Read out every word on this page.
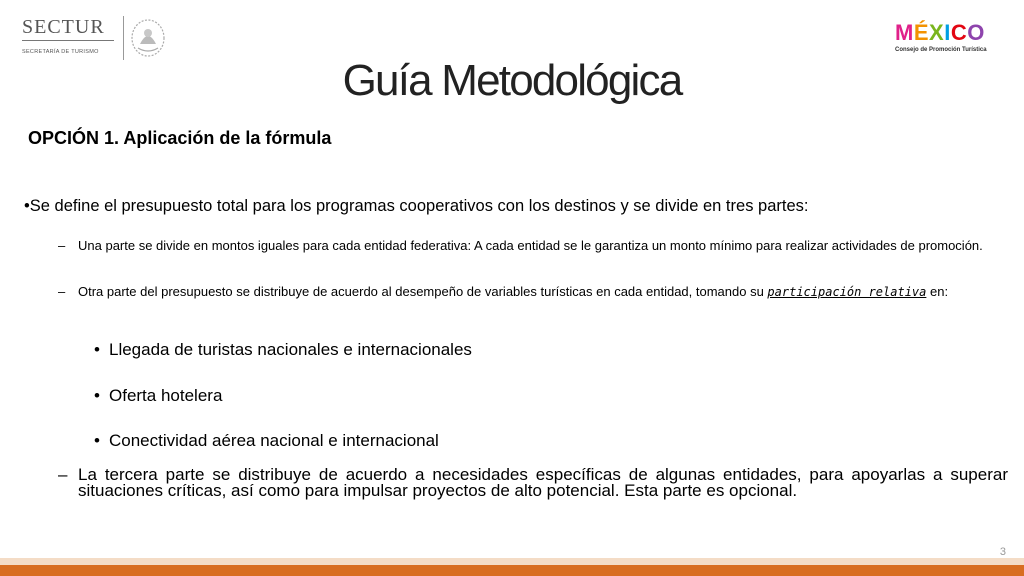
SECTUR
SECRETARÍA DE TURISMO
MÉXICO
Consejo de Promoción Turística
Guía Metodológica
OPCIÓN 1. Aplicación de la fórmula
•Se define el presupuesto total para los programas cooperativos con los destinos y se divide en tres partes:
– Una parte se divide en montos iguales para cada entidad federativa: A cada entidad se le garantiza un monto mínimo para realizar actividades de promoción.
– Otra parte del presupuesto se distribuye de acuerdo al desempeño de variables turísticas en cada entidad, tomando su participación relativa en:
• Llegada de turistas nacionales e internacionales
• Oferta hotelera
• Conectividad aérea nacional e internacional
– La tercera parte se distribuye de acuerdo a necesidades específicas de algunas entidades, para apoyarlas a superar situaciones críticas, así como para impulsar proyectos de alto potencial. Esta parte es opcional.
3
